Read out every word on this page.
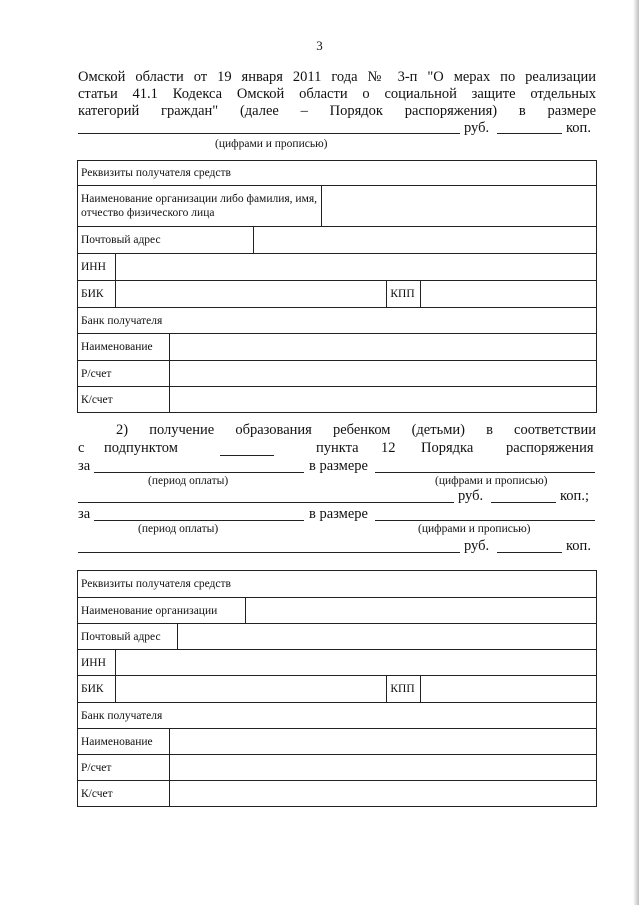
3
Омской области от 19 января 2011 года № 3-п "О мерах по реализации
статьи 41.1 Кодекса Омской области о социальной защите отдельных
категорий граждан" (далее – Порядок распоряжения) в размере
руб.	коп.
(цифрами и прописью)
Реквизиты получателя средств						
Наименование организации либо фамилия, имя, отчество физического лица						
Почтовый адрес						
ИНН						
БИК					КПП	
Банк получателя						
Наименование						
Р/счет						
К/счет						
2) получение образования ребенком (детьми) в соответствии
с подпунктом	пункта 12 Порядка распоряжения
за	в размере
(период оплаты)	(цифрами и прописью)
руб.	коп.;
за	в размере
(период оплаты)	(цифрами и прописью)
руб.	коп.
Реквизиты получателя средств						
Наименование организации						
Почтовый адрес						
ИНН						
БИК					КПП	
Банк получателя						
Наименование						
Р/счет						
К/счет						
